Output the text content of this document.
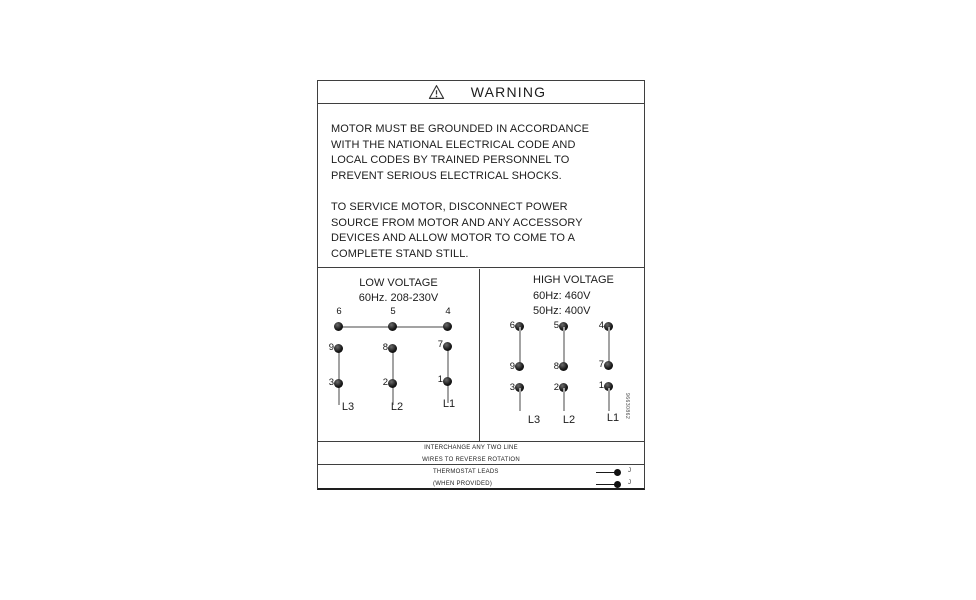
WARNING
MOTOR MUST BE GROUNDED IN ACCORDANCE
WITH THE NATIONAL ELECTRICAL CODE AND
LOCAL CODES BY TRAINED PERSONNEL TO
PREVENT SERIOUS ELECTRICAL SHOCKS.
TO SERVICE MOTOR, DISCONNECT POWER
SOURCE FROM MOTOR AND ANY ACCESSORY
DEVICES AND ALLOW MOTOR TO COME TO A
COMPLETE STAND STILL.
LOW VOLTAGE
60Hz. 208-230V
HIGH VOLTAGE
60Hz: 460V
50Hz: 400V
6	5	4
9	8	7
3	2	1
L3	L2	L1
6	5	4
9	8	7
3	2	1
L3	L2	L1 96630862
INTERCHANGE ANY TWO LINE
WIRES TO REVERSE ROTATION
THERMOSTAT LEADS
(WHEN PROVIDED)
J
J
